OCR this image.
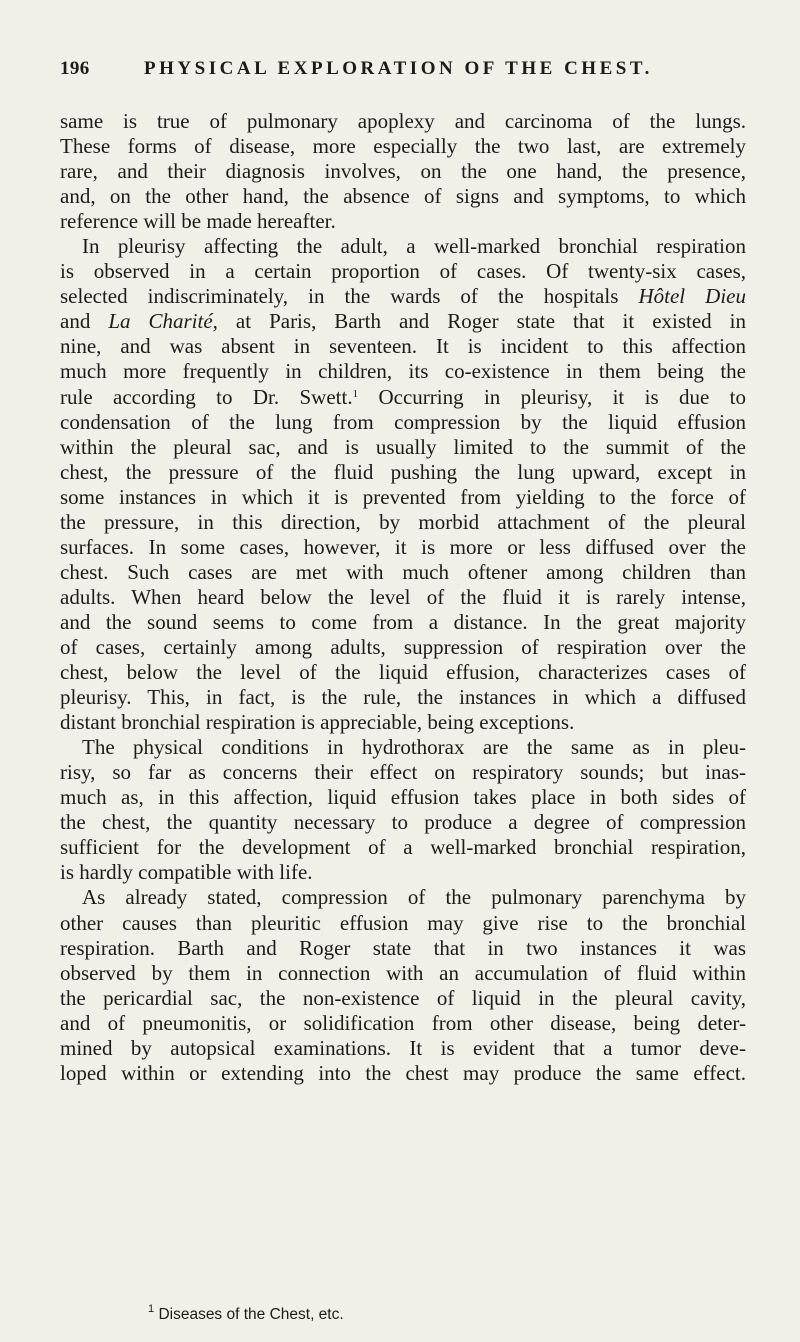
196	PHYSICAL EXPLORATION OF THE CHEST.
same is true of pulmonary apoplexy and carcinoma of the lungs.
These forms of disease, more especially the two last, are extremely
rare, and their diagnosis involves, on the one hand, the presence,
and, on the other hand, the absence of signs and symptoms, to which
reference will be made hereafter.
In pleurisy affecting the adult, a well-marked bronchial respiration
is observed in a certain proportion of cases. Of twenty-six cases,
selected indiscriminately, in the wards of the hospitals Hôtel Dieu
and La Charité, at Paris, Barth and Roger state that it existed in
nine, and was absent in seventeen. It is incident to this affection
much more frequently in children, its co-existence in them being the
rule according to Dr. Swett.$^1$ Occurring in pleurisy, it is due to
condensation of the lung from compression by the liquid effusion
within the pleural sac, and is usually limited to the summit of the
chest, the pressure of the fluid pushing the lung upward, except in
some instances in which it is prevented from yielding to the force of
the pressure, in this direction, by morbid attachment of the pleural
surfaces. In some cases, however, it is more or less diffused over the
chest. Such cases are met with much oftener among children than
adults. When heard below the level of the fluid it is rarely intense,
and the sound seems to come from a distance. In the great majority
of cases, certainly among adults, suppression of respiration over the
chest, below the level of the liquid effusion, characterizes cases of
pleurisy. This, in fact, is the rule, the instances in which a diffused
distant bronchial respiration is appreciable, being exceptions.
The physical conditions in hydrothorax are the same as in pleu-
risy, so far as concerns their effect on respiratory sounds; but inas-
much as, in this affection, liquid effusion takes place in both sides of
the chest, the quantity necessary to produce a degree of compression
sufficient for the development of a well-marked bronchial respiration,
is hardly compatible with life.
As already stated, compression of the pulmonary parenchyma by
other causes than pleuritic effusion may give rise to the bronchial
respiration. Barth and Roger state that in two instances it was
observed by them in connection with an accumulation of fluid within
the pericardial sac, the non-existence of liquid in the pleural cavity,
and of pneumonitis, or solidification from other disease, being deter-
mined by autopsical examinations. It is evident that a tumor deve-
loped within or extending into the chest may produce the same effect.
$^1$ Diseases of the Chest, etc.
